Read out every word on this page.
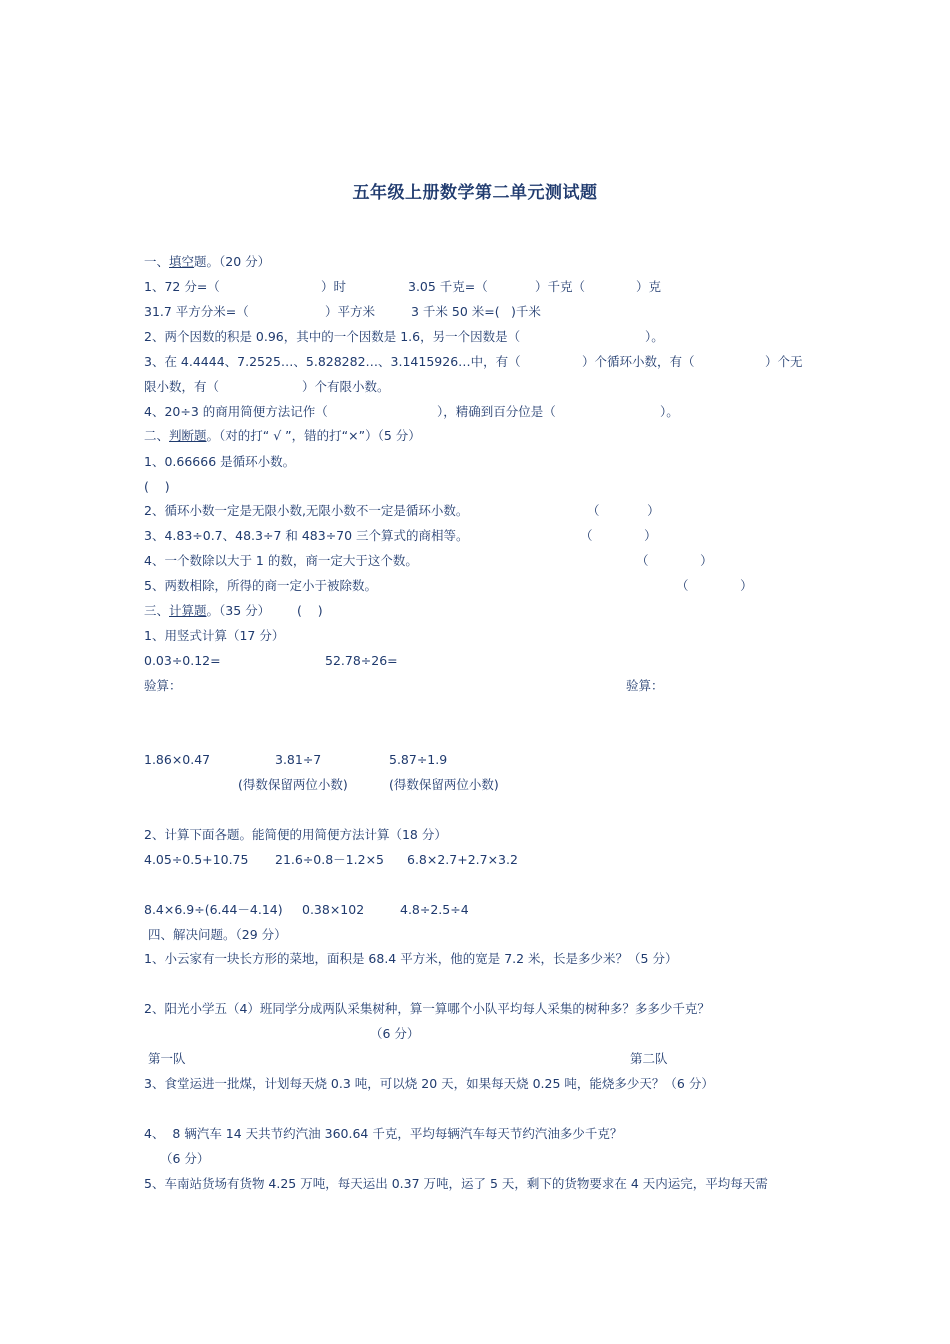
五年级上册数学第二单元测试题
一、填空题。（20 分）
1、72 分=（	）时	3.05 千克=（	）千克（	）克
31.7 平方分米=（	）平方米	3 千米 50 米=( )千米
2、两个因数的积是 0.96，其中的一个因数是 1.6，另一个因数是（	）。
3、在 4.4444、7.2525…、5.828282…、3.1415926…中，有（	）个循环小数，有（	）个无
限小数，有（	）个有限小数。
4、20÷3 的商用简便方法记作（	），精确到百分位是（	）。
二、判断题。（对的打“ √ ”，错的打“×”）（5 分）
1、0.66666 是循环小数。
(    )
2、循环小数一定是无限小数,无限小数不一定是循环小数。	（            ）
3、4.83÷0.7、48.3÷7 和 483÷70 三个算式的商相等。	（             ）
4、一个数除以大于 1 的数，商一定大于这个数。	（             ）
5、两数相除，所得的商一定小于被除数。	（             ）
三、计算题。（35 分） (    )
1、用竖式计算（17 分）
0.03÷0.12=	52.78÷26=
验算：	验算：
1.86×0.47	3.81÷7	5.87÷1.9
(得数保留两位小数)	(得数保留两位小数)
2、计算下面各题。能简便的用简便方法计算（18 分）
4.05÷0.5+10.75 21.6÷0.8－1.2×5 6.8×2.7+2.7×3.2
8.4×6.9÷(6.44－4.14) 0.38×102	4.8÷2.5÷4
四、解决问题。（29 分）
1、小云家有一块长方形的菜地，面积是 68.4 平方米，他的宽是 7.2 米，长是多少米？（5 分）
2、阳光小学五（4）班同学分成两队采集树种，算一算哪个小队平均每人采集的树种多？多多少千克？
（6 分）
第一队	第二队
3、食堂运进一批煤，计划每天烧 0.3 吨，可以烧 20 天，如果每天烧 0.25 吨，能烧多少天？（6 分）
4、  8 辆汽车 14 天共节约汽油 360.64 千克，平均每辆汽车每天节约汽油多少千克？
（6 分）
5、车南站货场有货物 4.25 万吨，每天运出 0.37 万吨，运了 5 天，剩下的货物要求在 4 天内运完，平均每天需
